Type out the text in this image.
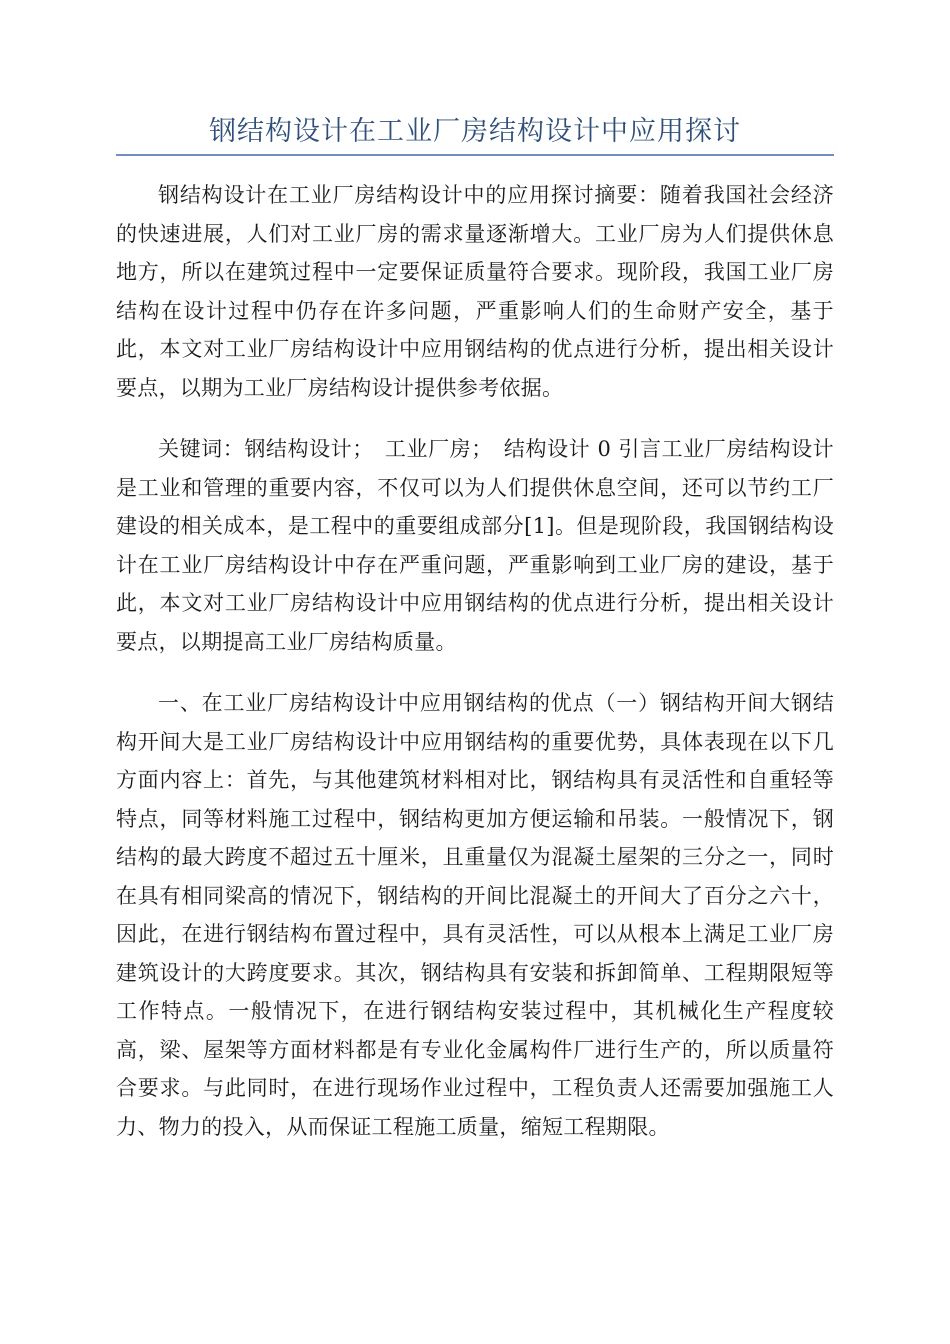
钢结构设计在工业厂房结构设计中应用探讨

钢结构设计在工业厂房结构设计中的应用探讨摘要：随着我国社会经济的快速进展，人们对工业厂房的需求量逐渐增大。工业厂房为人们提供休息地方，所以在建筑过程中一定要保证质量符合要求。现阶段，我国工业厂房结构在设计过程中仍存在许多问题，严重影响人们的生命财产安全，基于此，本文对工业厂房结构设计中应用钢结构的优点进行分析，提出相关设计要点，以期为工业厂房结构设计提供参考依据。

关键词：钢结构设计；　工业厂房；　结构设计 0 引言工业厂房结构设计是工业和管理的重要内容，不仅可以为人们提供休息空间，还可以节约工厂建设的相关成本，是工程中的重要组成部分[1]。但是现阶段，我国钢结构设计在工业厂房结构设计中存在严重问题，严重影响到工业厂房的建设，基于此，本文对工业厂房结构设计中应用钢结构的优点进行分析，提出相关设计要点，以期提高工业厂房结构质量。

一、在工业厂房结构设计中应用钢结构的优点（一）钢结构开间大钢结构开间大是工业厂房结构设计中应用钢结构的重要优势，具体表现在以下几方面内容上：首先，与其他建筑材料相对比，钢结构具有灵活性和自重轻等特点，同等材料施工过程中，钢结构更加方便运输和吊装。一般情况下，钢结构的最大跨度不超过五十厘米，且重量仅为混凝土屋架的三分之一，同时在具有相同梁高的情况下，钢结构的开间比混凝土的开间大了百分之六十，因此，在进行钢结构布置过程中，具有灵活性，可以从根本上满足工业厂房建筑设计的大跨度要求。其次，钢结构具有安装和拆卸简单、工程期限短等工作特点。一般情况下，在进行钢结构安装过程中，其机械化生产程度较高，梁、屋架等方面材料都是有专业化金属构件厂进行生产的，所以质量符合要求。与此同时，在进行现场作业过程中，工程负责人还需要加强施工人力、物力的投入，从而保证工程施工质量，缩短工程期限。
